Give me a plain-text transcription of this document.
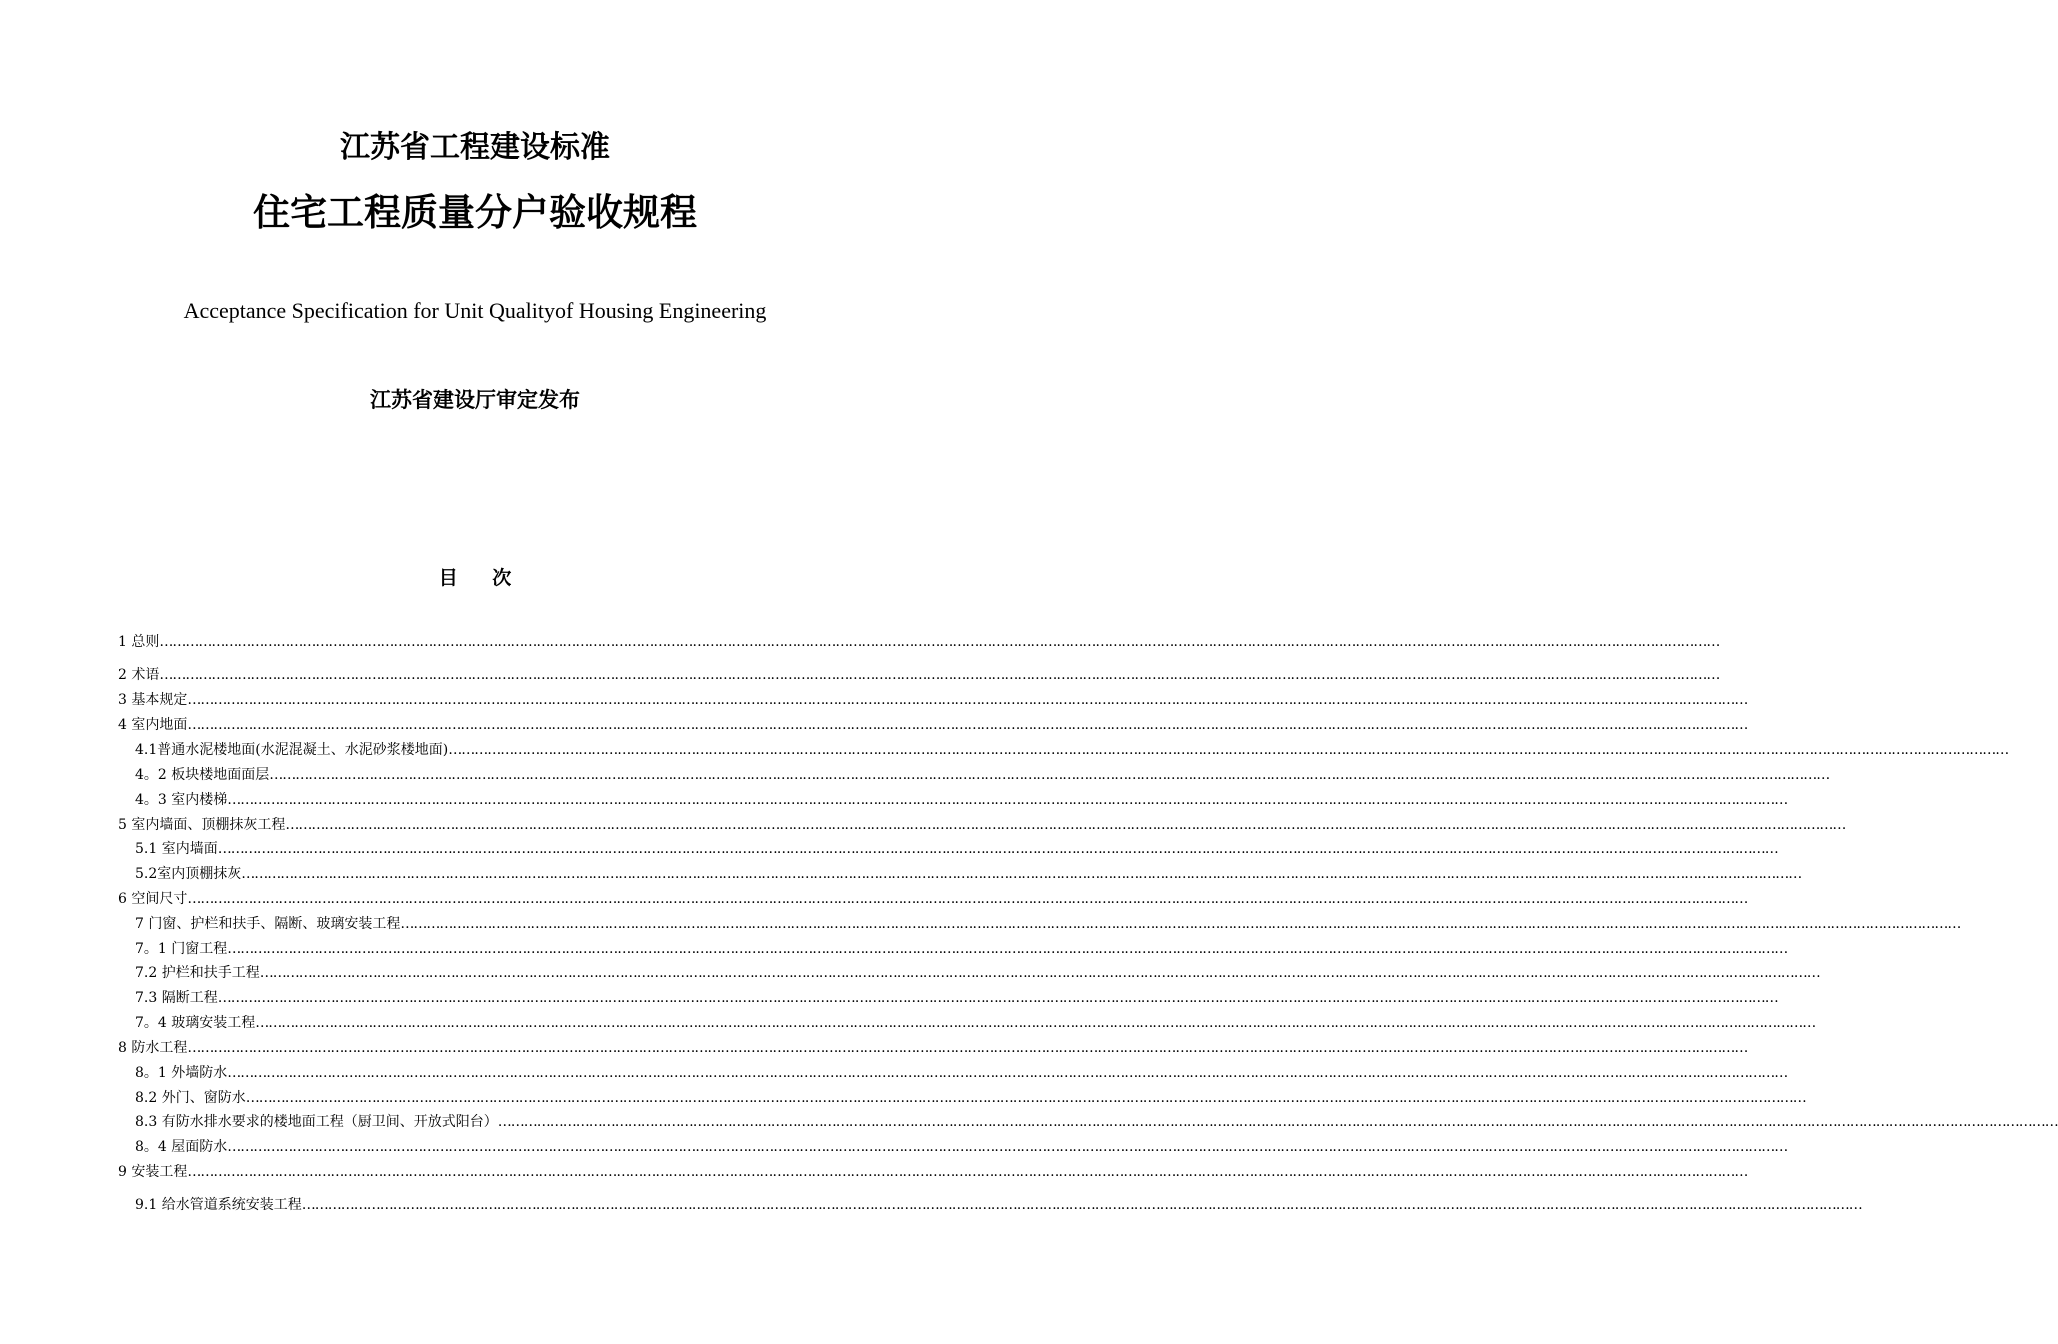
江苏省工程建设标准
住宅工程质量分户验收规程
Acceptance Specification for Unit Qualityof Housing Engineering
江苏省建设厅审定发布
目 次
1 总则 ………………………………………………………………………………………………………………………………………………………………………………………………………………………………………………………………………………………………………………………………
2 术语 ………………………………………………………………………………………………………………………………………………………………………………………………………………………………………………………………………………………………………………………………
3 基本规定 ………………………………………………………………………………………………………………………………………………………………………………………………………………………………………………………………………………………………………………………………
4 室内地面 ………………………………………………………………………………………………………………………………………………………………………………………………………………………………………………………………………………………………………………………………
4.1普通水泥楼地面(水泥混凝土、水泥砂浆楼地面) ………………………………………………………………………………………………………………………………………………………………………………………………………………………………………………………………………………………………………………………………
4。2 板块楼地面面层 ………………………………………………………………………………………………………………………………………………………………………………………………………………………………………………………………………………………………………………………………
4。3 室内楼梯 ………………………………………………………………………………………………………………………………………………………………………………………………………………………………………………………………………………………………………………………………
5 室内墙面、顶棚抹灰工程 ………………………………………………………………………………………………………………………………………………………………………………………………………………………………………………………………………………………………………………………………
5.1 室内墙面 ………………………………………………………………………………………………………………………………………………………………………………………………………………………………………………………………………………………………………………………………
5.2室内顶棚抹灰 ………………………………………………………………………………………………………………………………………………………………………………………………………………………………………………………………………………………………………………………………
6 空间尺寸 ………………………………………………………………………………………………………………………………………………………………………………………………………………………………………………………………………………………………………………………………
7 门窗、护栏和扶手、隔断、玻璃安装工程 ………………………………………………………………………………………………………………………………………………………………………………………………………………………………………………………………………………………………………………………………
7。1 门窗工程 ………………………………………………………………………………………………………………………………………………………………………………………………………………………………………………………………………………………………………………………………
7.2 护栏和扶手工程 ………………………………………………………………………………………………………………………………………………………………………………………………………………………………………………………………………………………………………………………………
7.3 隔断工程 ………………………………………………………………………………………………………………………………………………………………………………………………………………………………………………………………………………………………………………………………
7。4 玻璃安装工程 ………………………………………………………………………………………………………………………………………………………………………………………………………………………………………………………………………………………………………………………………
8 防水工程 ………………………………………………………………………………………………………………………………………………………………………………………………………………………………………………………………………………………………………………………………
8。1 外墙防水 ………………………………………………………………………………………………………………………………………………………………………………………………………………………………………………………………………………………………………………………………
8.2 外门、窗防水 ………………………………………………………………………………………………………………………………………………………………………………………………………………………………………………………………………………………………………………………………
8.3 有防水排水要求的楼地面工程（厨卫间、开放式阳台） ………………………………………………………………………………………………………………………………………………………………………………………………………………………………………………………………………………………………………………………………
8。4 屋面防水 ………………………………………………………………………………………………………………………………………………………………………………………………………………………………………………………………………………………………………………………………
9 安装工程 ………………………………………………………………………………………………………………………………………………………………………………………………………………………………………………………………………………………………………………………………
9.1 给水管道系统安装工程 ………………………………………………………………………………………………………………………………………………………………………………………………………………………………………………………………………………………………………………………………
